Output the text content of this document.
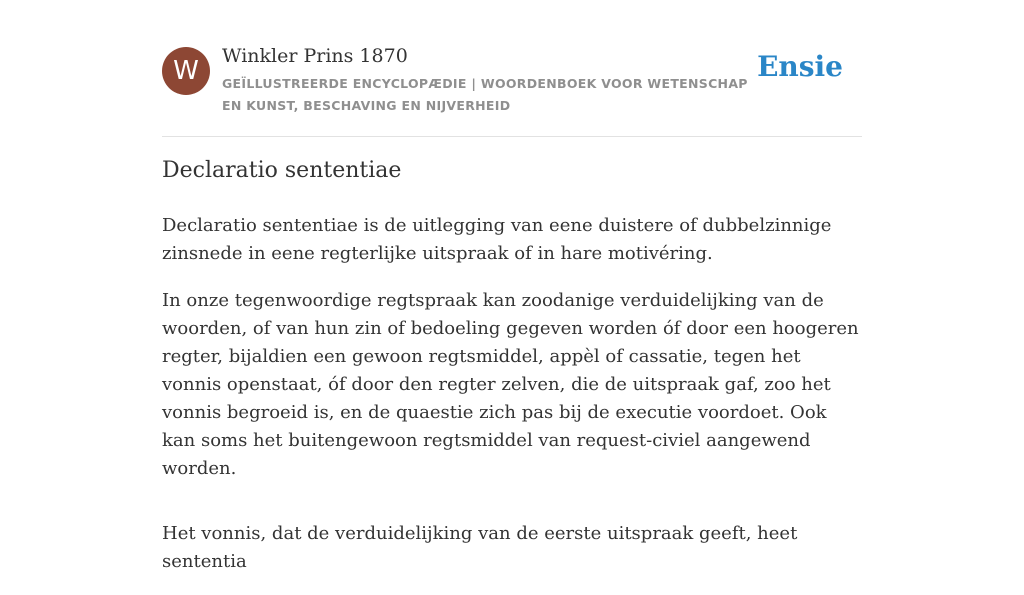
W	Winkler Prins 1870
GEÏLLUSTREERDE ENCYCLOPÆDIE | WOORDENBOEK VOOR WETENSCHAP EN KUNST, BESCHAVING EN NIJVERHEID
Ensie
Declaratio sententiae

Declaratio sententiae is de uitlegging van eene duistere of dubbelzinnige zinsnede in eene regterlijke uitspraak of in hare motivéring.

In onze tegenwoordige regtspraak kan zoodanige verduidelijking van de woorden, of van hun zin of bedoeling gegeven worden óf door een hoogeren regter, bijaldien een gewoon regtsmiddel, appèl of cassatie, tegen het vonnis openstaat, óf door den regter zelven, die de uitspraak gaf, zoo het vonnis begroeid is, en de quaestie zich pas bij de executie voordoet. Ook kan soms het buitengewoon regtsmiddel van request-civiel aangewend worden.

Het vonnis, dat de verduidelijking van de eerste uitspraak geeft, heet sententia
